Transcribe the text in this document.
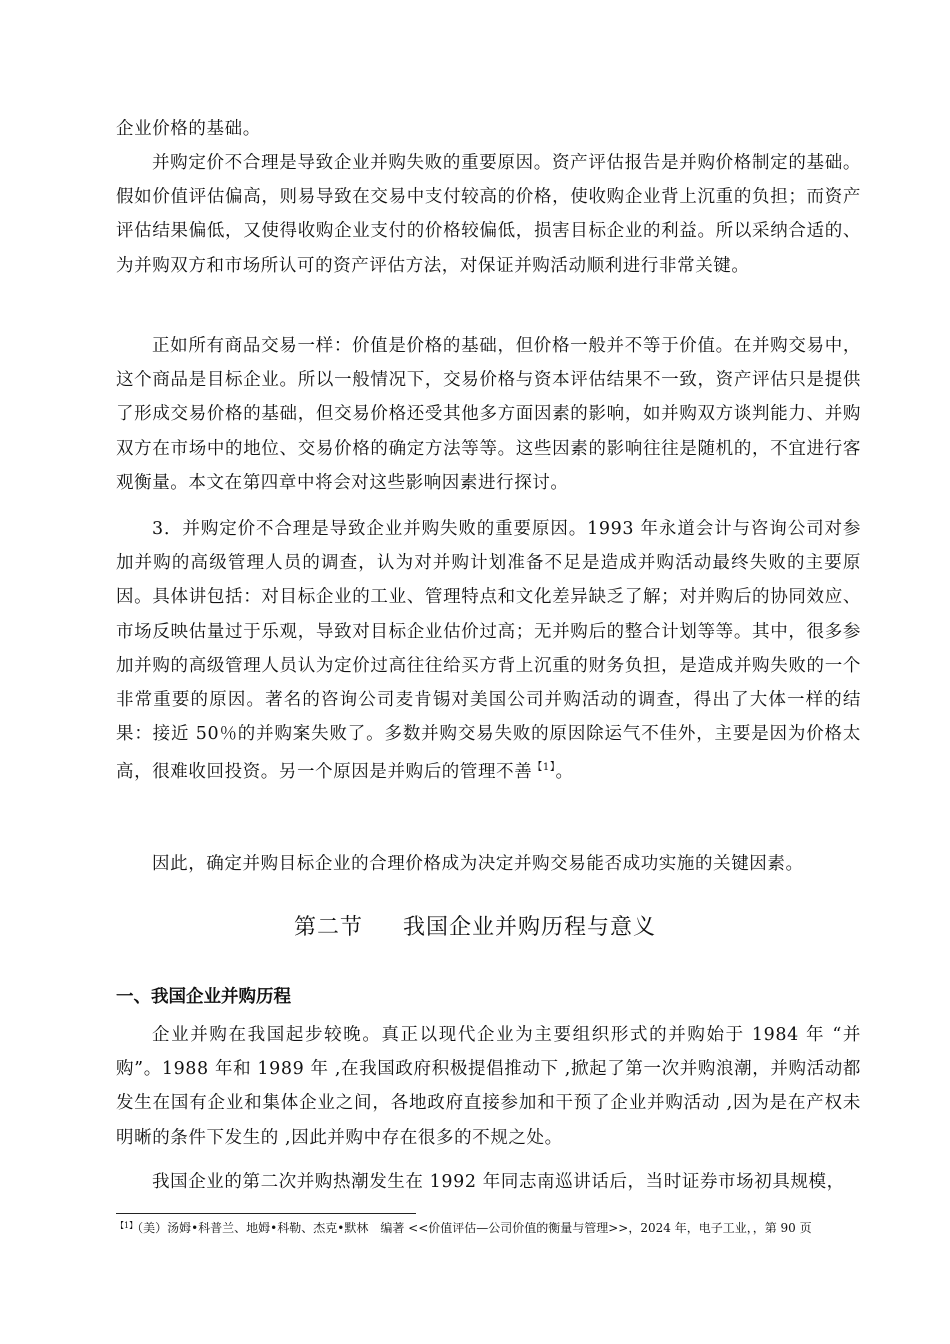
企业价格的基础。

并购定价不合理是导致企业并购失败的重要原因。资产评估报告是并购价格制定的基础。假如价值评估偏高，则易导致在交易中支付较高的价格，使收购企业背上沉重的负担；而资产评估结果偏低，又使得收购企业支付的价格较偏低，损害目标企业的利益。所以采纳合适的、为并购双方和市场所认可的资产评估方法，对保证并购活动顺利进行非常关键。

正如所有商品交易一样：价值是价格的基础，但价格一般并不等于价值。在并购交易中，这个商品是目标企业。所以一般情况下，交易价格与资本评估结果不一致，资产评估只是提供了形成交易价格的基础，但交易价格还受其他多方面因素的影响，如并购双方谈判能力、并购双方在市场中的地位、交易价格的确定方法等等。这些因素的影响往往是随机的，不宜进行客观衡量。本文在第四章中将会对这些影响因素进行探讨。

3．并购定价不合理是导致企业并购失败的重要原因。1993 年永道会计与咨询公司对参加并购的高级管理人员的调查，认为对并购计划准备不足是造成并购活动最终失败的主要原因。具体讲包括：对目标企业的工业、管理特点和文化差异缺乏了解；对并购后的协同效应、市场反映估量过于乐观，导致对目标企业估价过高；无并购后的整合计划等等。其中，很多参加并购的高级管理人员认为定价过高往往给买方背上沉重的财务负担，是造成并购失败的一个非常重要的原因。著名的咨询公司麦肯锡对美国公司并购活动的调查，得出了大体一样的结果：接近 50％的并购案失败了。多数并购交易失败的原因除运气不佳外，主要是因为价格太高，很难收回投资。另一个原因是并购后的管理不善$^{【1】}$。

因此，确定并购目标企业的合理价格成为决定并购交易能否成功实施的关键因素。

第二节 我国企业并购历程与意义
一、我国企业并购历程

企业并购在我国起步较晚。真正以现代企业为主要组织形式的并购始于 1984 年 “并购”。1988 年和 1989 年 ,在我国政府积极提倡推动下 ,掀起了第一次并购浪潮，并购活动都发生在国有企业和集体企业之间，各地政府直接参加和干预了企业并购活动 ,因为是在产权未明晰的条件下发生的 ,因此并购中存在很多的不规之处。

我国企业的第二次并购热潮发生在 1992 年同志南巡讲话后，当时证券市场初具规模，

$^{【1】}$（美）汤姆•科普兰、地姆•科勒、杰克•默林　编著 <<价值评估—公司价值的衡量与管理>>，2024 年，电子工业，，第 90 页
